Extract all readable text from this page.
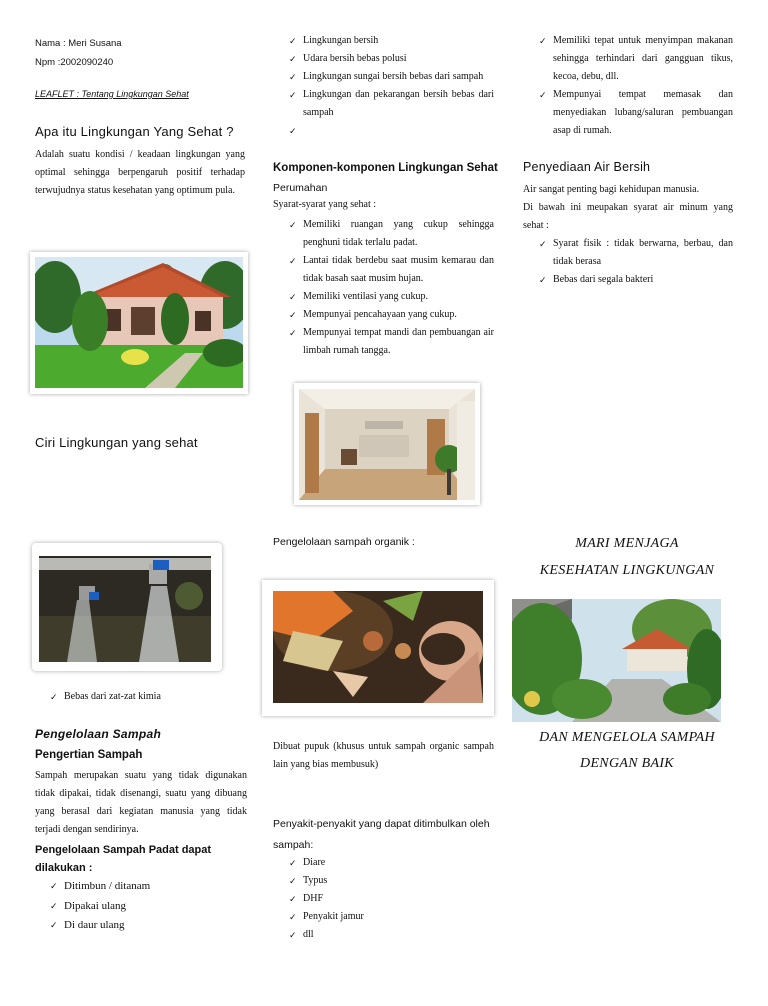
Nama : Meri Susana
Npm :2002090240
LEAFLET : Tentang Lingkungan Sehat
Apa itu Lingkungan Yang Sehat ?
Adalah suatu kondisi / keadaan lingkungan yang optimal sehingga berpengaruh positif terhadap terwujudnya status kesehatan yang optimum pula.
Ciri Lingkungan yang sehat
✓ Bebas dari zat-zat kimia
Pengelolaan Sampah
Pengertian Sampah
Sampah merupakan suatu yang tidak digunakan tidak dipakai, tidak disenangi, suatu yang dibuang yang berasal dari kegiatan manusia yang tidak terjadi dengan sendirinya.
Pengelolaan Sampah Padat dapat dilakukan :
✓ Ditimbun / ditanam
✓ Dipakai ulang
✓ Di daur ulang
✓ Lingkungan bersih
✓ Udara bersih bebas polusi
✓ Lingkungan sungai bersih bebas dari sampah
✓ Lingkungan dan pekarangan bersih bebas dari sampah
✓
Komponen-komponen Lingkungan Sehat
Perumahan
Syarat-syarat yang sehat :
✓ Memiliki ruangan yang cukup sehingga penghuni tidak terlalu padat.
✓ Lantai tidak berdebu saat musim kemarau dan tidak basah saat musim hujan.
✓ Memiliki ventilasi yang cukup.
✓ Mempunyai pencahayaan yang cukup.
✓ Mempunyai tempat mandi dan pembuangan air limbah rumah tangga.
Pengelolaan sampah organik :
Dibuat pupuk (khusus untuk sampah organic sampah lain yang bias membusuk)
Penyakit-penyakit yang dapat ditimbulkan oleh sampah:
✓ Diare
✓ Typus
✓ DHF
✓ Penyakit jamur
✓ dll
✓ Memiliki tepat untuk menyimpan makanan sehingga terhindari dari gangguan tikus, kecoa, debu, dll.
✓ Mempunyai tempat memasak dan menyediakan lubang/saluran pembuangan asap di rumah.
Penyediaan Air Bersih
Air sangat penting bagi kehidupan manusia.
Di bawah ini meupakan syarat air minum yang sehat :
✓ Syarat fisik : tidak berwarna, berbau, dan tidak berasa
✓ Bebas dari segala bakteri
MARI MENJAGA
KESEHATAN LINGKUNGAN
DAN MENGELOLA SAMPAH
DENGAN BAIK
